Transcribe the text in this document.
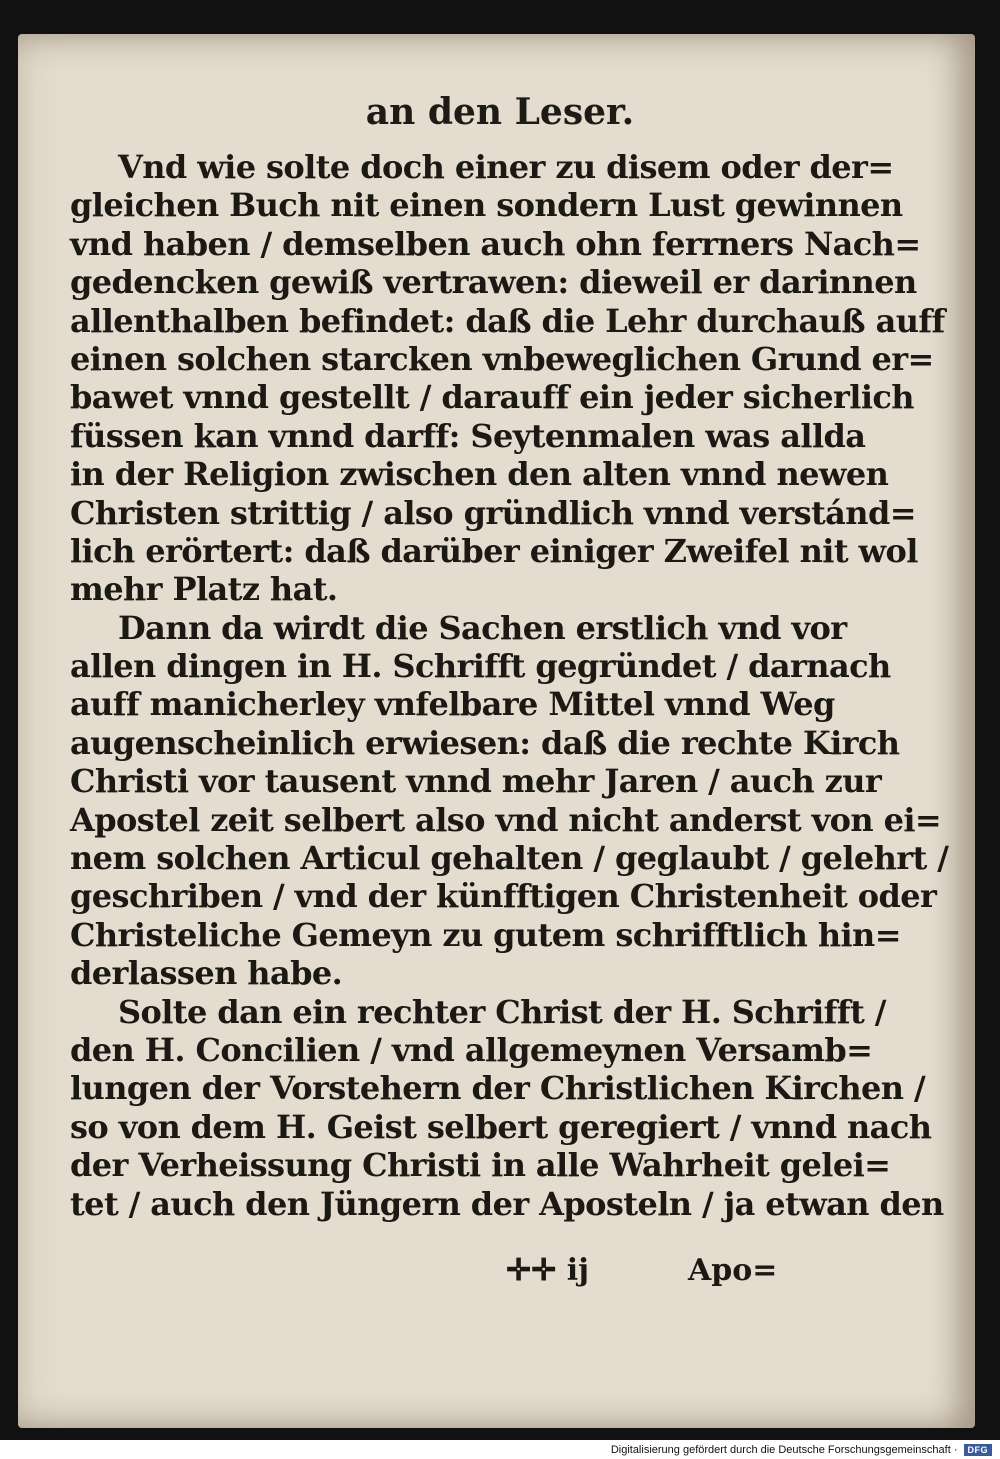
an den Leser.
Vnd wie solte doch einer zu disem oder der=
gleichen Buch nit einen sondern Lust gewinnen
vnd haben / demselben auch ohn ferrners Nach=
gedencken gewiß vertrawen: dieweil er darinnen
allenthalben befindet: daß die Lehr durchauß auff
einen solchen starcken vnbeweglichen Grund er=
bawet vnnd gestellt / darauff ein jeder sicherlich
füssen kan vnnd darff: Seytenmalen was allda
in der Religion zwischen den alten vnnd newen
Christen strittig / also gründlich vnnd verstánd=
lich erörtert: daß darüber einiger Zweifel nit wol
mehr Platz hat.
Dann da wirdt die Sachen erstlich vnd vor
allen dingen in H. Schrifft gegründet / darnach
auff manicherley vnfelbare Mittel vnnd Weg
augenscheinlich erwiesen: daß die rechte Kirch
Christi vor tausent vnnd mehr Jaren / auch zur
Apostel zeit selbert also vnd nicht anderst von ei=
nem solchen Articul gehalten / geglaubt / gelehrt /
geschriben / vnd der künfftigen Christenheit oder
Christeliche Gemeyn zu gutem schrifftlich hin=
derlassen habe.
Solte dan ein rechter Christ der H. Schrifft /
den H. Concilien / vnd allgemeynen Versamb=
lungen der Vorstehern der Christlichen Kirchen /
so von dem H. Geist selbert geregiert / vnnd nach
der Verheissung Christi in alle Wahrheit gelei=
tet / auch den Jüngern der Aposteln / ja etwan den
✛✛ ij	Apo=
Digitalisierung gefördert durch die Deutsche Forschungsgemeinschaft ·	DFG
